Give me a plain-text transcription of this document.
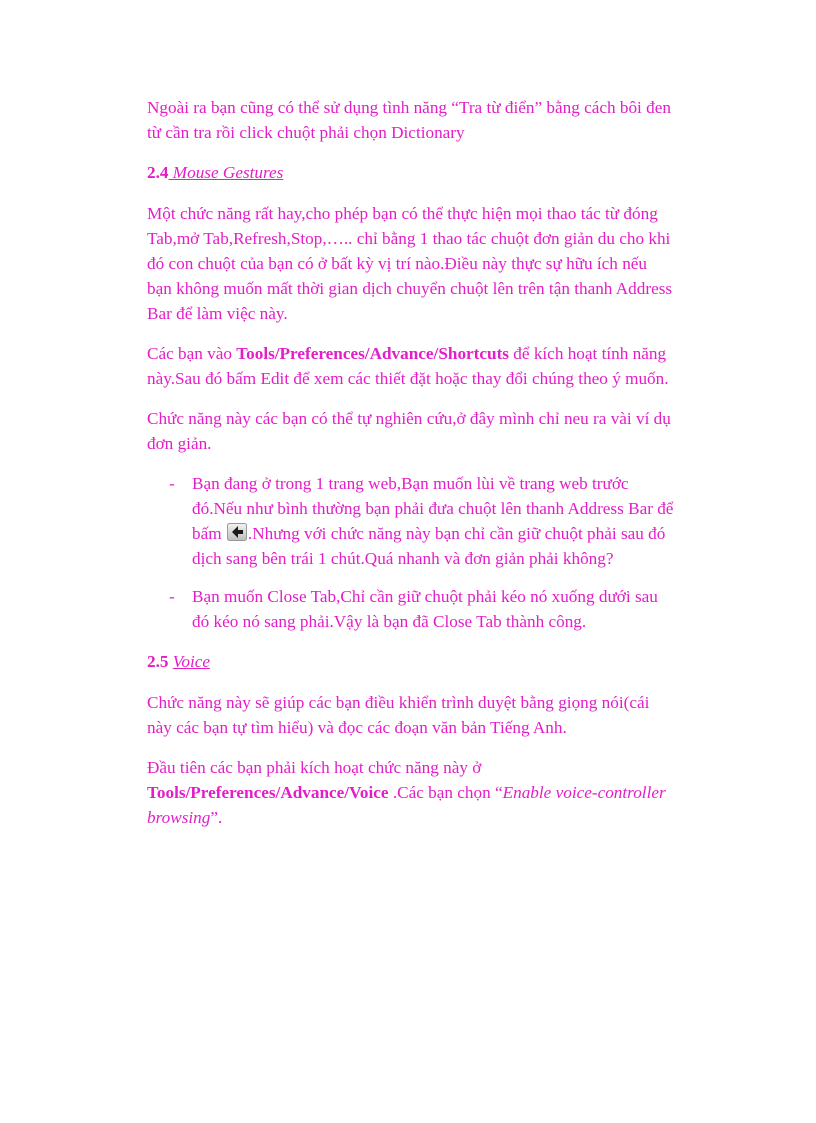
Ngoài ra bạn cũng có thể sử dụng tình năng “Tra từ điển” bằng cách bôi đen từ cần tra rồi click chuột phải chọn Dictionary

2.4 Mouse Gestures

Một chức năng rất hay,cho phép bạn có thể thực hiện mọi thao tác từ đóng Tab,mở Tab,Refresh,Stop,….. chỉ bằng 1 thao tác chuột đơn giản du cho khi đó con chuột của bạn có ở bất kỳ vị trí nào.Điều này thực sự hữu ích nếu bạn không muốn mất thời gian dịch chuyển chuột lên trên tận thanh Address Bar để làm việc này.

Các bạn vào Tools/Preferences/Advance/Shortcuts để kích hoạt tính năng này.Sau đó bấm Edit để xem các thiết đặt hoặc thay đổi chúng theo ý muốn.

Chức năng này các bạn có thể tự nghiên cứu,ở đây mình chỉ neu ra vài ví dụ đơn giản.

- Bạn đang ở trong 1 trang web,Bạn muốn lùi về trang web trước đó.Nếu như bình thường bạn phải đưa chuột lên thanh Address Bar để bấm .Nhưng với chức năng này bạn chỉ cần giữ chuột phải sau đó dịch sang bên trái 1 chút.Quá nhanh và đơn giản phải không?
- Bạn muốn Close Tab,Chỉ cần giữ chuột phải kéo nó xuống dưới sau đó kéo nó sang phải.Vậy là bạn đã Close Tab thành công.
2.5 Voice

Chức năng này sẽ giúp các bạn điều khiển trình duyệt bằng giọng nói(cái này các bạn tự tìm hiểu) và đọc các đoạn văn bản Tiếng Anh.

Đầu tiên các bạn phải kích hoạt chức năng này ở Tools/Preferences/Advance/Voice .Các bạn chọn “Enable voice-controller browsing”.
